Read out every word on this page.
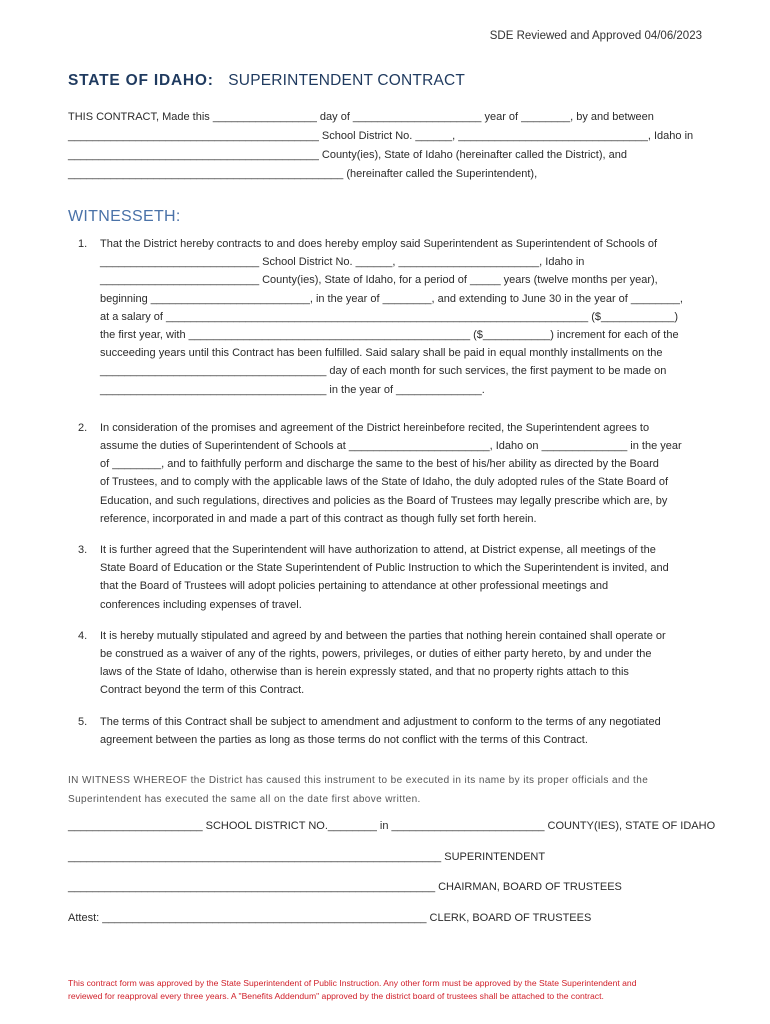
SDE Reviewed and Approved 04/06/2023
STATE OF IDAHO: SUPERINTENDENT CONTRACT

THIS CONTRACT, Made this _________________ day of _____________________ year of ________, by and between

_________________________________________ School District No. ______, _______________________________, Idaho in

_________________________________________ County(ies), State of Idaho (hereinafter called the District), and

_____________________________________________ (hereinafter called the Superintendent),

WITNESSETH:
1. That the District hereby contracts to and does hereby employ said Superintendent as Superintendent of Schools of
__________________________ School District No. ______, _______________________, Idaho in
__________________________ County(ies), State of Idaho, for a period of _____ years (twelve months per year),
beginning __________________________, in the year of ________, and extending to June 30 in the year of ________,
at a salary of _____________________________________________________________________ ($____________)
the first year, with ______________________________________________ ($___________) increment for each of the
succeeding years until this Contract has been fulfilled. Said salary shall be paid in equal monthly installments on the
_____________________________________ day of each month for such services, the first payment to be made on
_____________________________________ in the year of ______________.
2. In consideration of the promises and agreement of the District hereinbefore recited, the Superintendent agrees to
assume the duties of Superintendent of Schools at _______________________, Idaho on ______________ in the year
of ________, and to faithfully perform and discharge the same to the best of his/her ability as directed by the Board
of Trustees, and to comply with the applicable laws of the State of Idaho, the duly adopted rules of the State Board of
Education, and such regulations, directives and policies as the Board of Trustees may legally prescribe which are, by
reference, incorporated in and made a part of this contract as though fully set forth herein.
3. It is further agreed that the Superintendent will have authorization to attend, at District expense, all meetings of the
State Board of Education or the State Superintendent of Public Instruction to which the Superintendent is invited, and
that the Board of Trustees will adopt policies pertaining to attendance at other professional meetings and
conferences including expenses of travel.
4. It is hereby mutually stipulated and agreed by and between the parties that nothing herein contained shall operate or
be construed as a waiver of any of the rights, powers, privileges, or duties of either party hereto, by and under the
laws of the State of Idaho, otherwise than is herein expressly stated, and that no property rights attach to this
Contract beyond the term of this Contract.
5. The terms of this Contract shall be subject to amendment and adjustment to conform to the terms of any negotiated
agreement between the parties as long as those terms do not conflict with the terms of this Contract.

IN WITNESS WHEREOF the District has caused this instrument to be executed in its name by its proper officials and the

Superintendent has executed the same all on the date first above written.

______________________ SCHOOL DISTRICT NO.________ in _________________________ COUNTY(IES), STATE OF IDAHO
_____________________________________________________________ SUPERINTENDENT
____________________________________________________________ CHAIRMAN, BOARD OF TRUSTEES
Attest: _____________________________________________________ CLERK, BOARD OF TRUSTEES

This contract form was approved by the State Superintendent of Public Instruction. Any other form must be approved by the State Superintendent and

reviewed for reapproval every three years. A "Benefits Addendum" approved by the district board of trustees shall be attached to the contract.
